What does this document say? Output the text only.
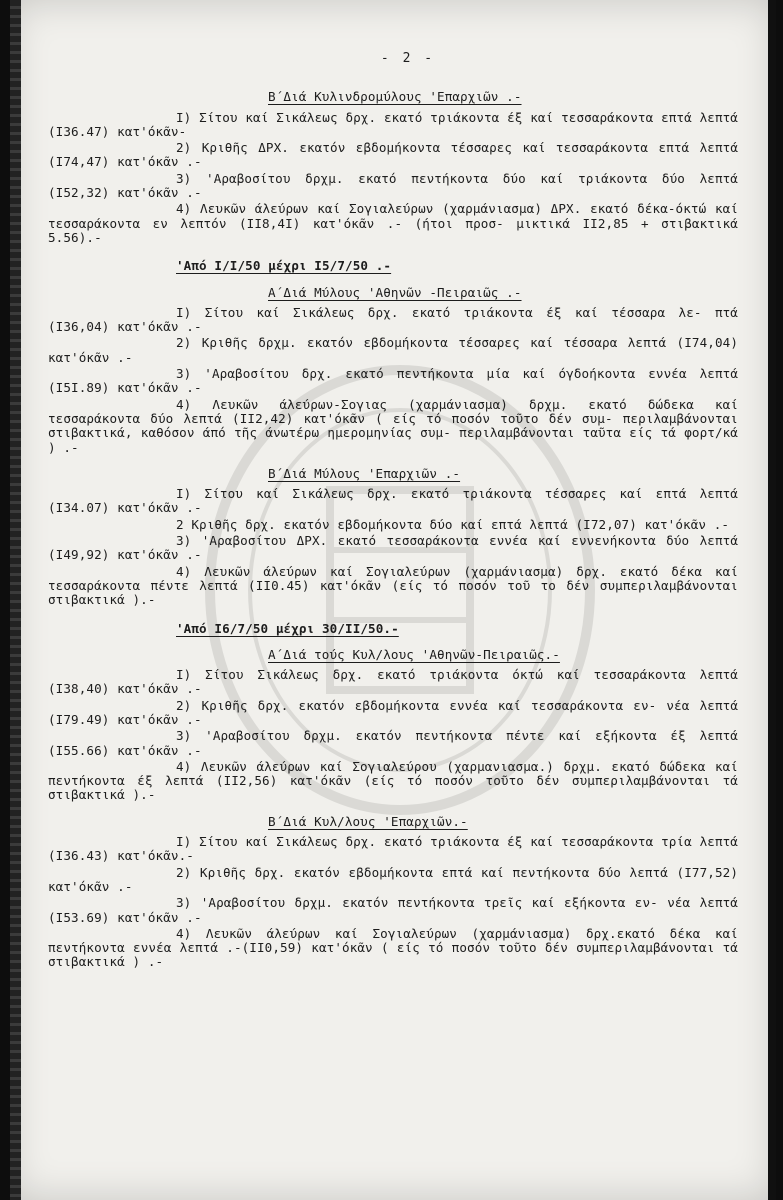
- 2 -
Β΄Διά Κυλινδρομύλους 'Επαρχιῶν .-
Ι) Σίτου καί Σικάλεως δρχ. εκατό τριάκοντα έξ καί τεσσαράκοντα επτά λεπτά (Ι36.47) κατ'όκᾶν-
2) Κριθῆς ΔΡΧ. εκατόν εβδομήκοντα τέσσαρες καί τεσσαράκοντα επτά λεπτά (Ι74,47) κατ'όκᾶν .-
3) 'Αραβοσίτου δρχμ. εκατό πεντήκοντα δύο καί τριάκοντα δύο λεπτά (Ι52,32) κατ'όκᾶν .-
4) Λευκῶν άλεύρων καί Σογιαλεύρων (χαρμάνιασμα) ΔΡΧ. εκατό δέκα-όκτώ καί τεσσαράκοντα εν λεπτόν (ΙΙ8,4Ι) κατ'όκᾶν .- (ήτοι προσ- μικτικά ΙΙ2,85 + στιβακτικά 5.56).-
'Από Ι/Ι/50 μέχρι Ι5/7/50 .-
Α΄Διά Μύλους 'Αθηνῶν -Πειραιῶς .-
Ι) Σίτου καί Σικάλεως δρχ. εκατό τριάκοντα έξ καί τέσσαρα λε- πτά (Ι36,04) κατ'όκᾶν .-
2) Κριθῆς δρχμ. εκατόν εβδομήκοντα τέσσαρες καί τέσσαρα λεπτά (Ι74,04) κατ'όκᾶν .-
3) 'Αραβοσίτου δρχ. εκατό πεντήκοντα μία καί όγδοήκοντα εννέα λεπτά (Ι5Ι.89) κατ'όκᾶν .-
4) Λευκῶν άλεύρων-Σογιας (χαρμάνιασμα) δρχμ. εκατό δώδεκα καί τεσσαράκοντα δύο λεπτά (ΙΙ2,42) κατ'όκᾶν ( είς τό ποσόν τοῦτο δέν συμ- περιλαμβάνονται στιβακτικά, καθόσον άπό τῆς άνωτέρω ημερομηνίας συμ- περιλαμβάνονται ταῦτα είς τά φορτ/κά ) .-
Β΄Διά Μύλους 'Επαρχιῶν .-
Ι) Σίτου καί Σικάλεως δρχ. εκατό τριάκοντα τέσσαρες καί επτά λεπτά (Ι34.07) κατ'όκᾶν .-
2 Κριθῆς δρχ. εκατόν εβδομήκοντα δύο καί επτά λεπτά (Ι72,07) κατ'όκᾶν .-
3) 'Αραβοσίτου ΔΡΧ. εκατό τεσσαράκοντα εννέα καί εννενήκοντα δύο λεπτά (Ι49,92) κατ'όκᾶν .-
4) Λευκῶν άλεύρων καί Σογιαλεύρων (χαρμάνιασμα) δρχ. εκατό δέκα καί τεσσαράκοντα πέντε λεπτά (ΙΙ0.45) κατ'όκᾶν (είς τό ποσόν τοῦ το δέν συμπεριλαμβάνονται στιβακτικά ).-
'Από Ι6/7/50 μέχρι 30/ΙΙ/50.-
Α΄Διά τούς Κυλ/λους 'Αθηνῶν-Πειραιῶς.-
Ι) Σίτου Σικάλεως δρχ. εκατό τριάκοντα όκτώ καί τεσσαράκοντα λεπτά (Ι38,40) κατ'όκᾶν .-
2) Κριθῆς δρχ. εκατόν εβδομήκοντα εννέα καί τεσσαράκοντα εν- νέα λεπτά (Ι79.49) κατ'όκᾶν .-
3) 'Αραβοσίτου δρχμ. εκατόν πεντήκοντα πέντε καί εξήκοντα έξ λεπτά (Ι55.66) κατ'όκᾶν .-
4) Λευκῶν άλεύρων καί Σογιαλεύρου (χαρμανιασμα.) δρχμ. εκατό δώδεκα καί πεντήκοντα έξ λεπτά (ΙΙ2,56) κατ'όκᾶν (είς τό ποσόν τοῦτο δέν συμπεριλαμβάνονται τά στιβακτικά ).-
Β΄Διά Κυλ/λους 'Επαρχιῶν.-
Ι) Σίτου καί Σικάλεως δρχ. εκατό τριάκοντα έξ καί τεσσαράκοντα τρία λεπτά (Ι36.43) κατ'όκᾶν.-
2) Κριθῆς δρχ. εκατόν εβδομήκοντα επτά καί πεντήκοντα δύο λεπτά (Ι77,52) κατ'όκᾶν .-
3) 'Αραβοσίτου δρχμ. εκατόν πεντήκοντα τρεῖς καί εξήκοντα εν- νέα λεπτά (Ι53.69) κατ'όκᾶν .-
4) Λευκῶν άλεύρων καί Σογιαλεύρων (χαρμάνιασμα) δρχ.εκατό δέκα καί πεντήκοντα εννέα λεπτά .-(ΙΙ0,59) κατ'όκᾶν ( είς τό ποσόν τοῦτο δέν συμπεριλαμβάνονται τά στιβακτικά ) .-
